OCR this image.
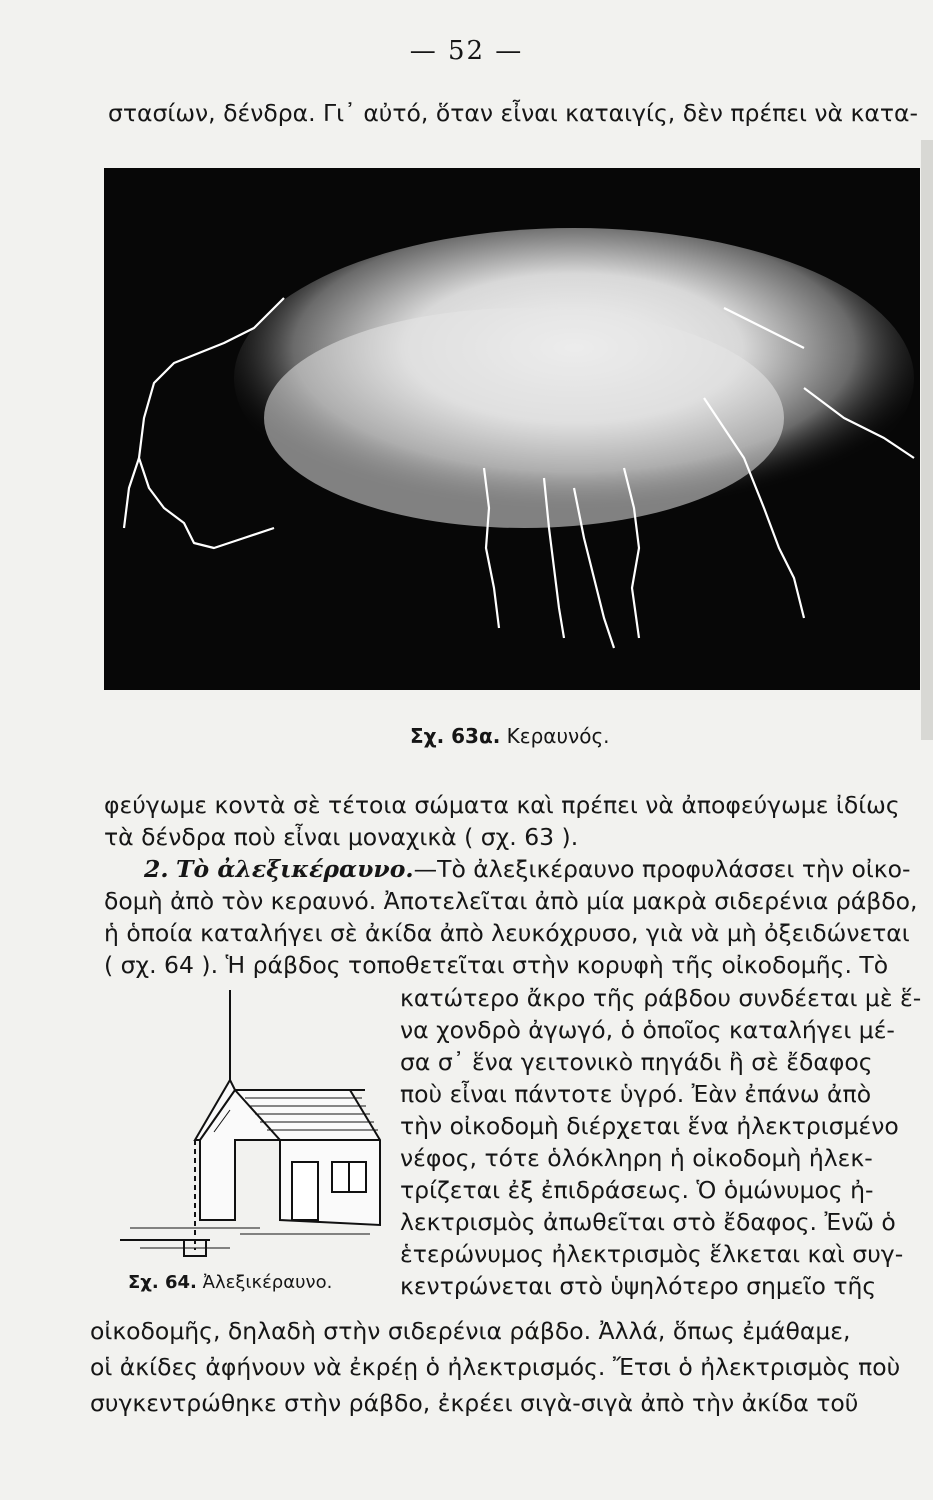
— 52 —
στασίων, δένδρα. Γι᾽ αὐτό, ὅταν εἶναι καταιγίς, δὲν πρέπει νὰ κατα-
Σχ. 63α. Κεραυνός.
φεύγωμε κοντὰ σὲ τέτοια σώματα καὶ πρέπει νὰ ἀποφεύγωμε ἰδίως
τὰ δένδρα ποὺ εἶναι μοναχικὰ ( σχ. 63 ).
2. Τὸ ἀλεξικέραυνο.—Τὸ ἀλεξικέραυνο προφυλάσσει τὴν οἰκο-
δομὴ ἀπὸ τὸν κεραυνό. Ἀποτελεῖται ἀπὸ μία μακρὰ σιδερένια ράβδο,
ἡ ὁποία καταλήγει σὲ ἀκίδα ἀπὸ λευκόχρυσο, γιὰ νὰ μὴ ὀξειδώνεται
( σχ. 64 ). Ἡ ράβδος τοποθετεῖται στὴν κορυφὴ τῆς οἰκοδομῆς. Τὸ
κατώτερο ἄκρο τῆς ράβδου συνδέεται μὲ ἕ-
να χονδρὸ ἀγωγό, ὁ ὁποῖος καταλήγει μέ-
σα σ᾽ ἕνα γειτονικὸ πηγάδι ἢ σὲ ἔδαφος
ποὺ εἶναι πάντοτε ὑγρό. Ἐὰν ἐπάνω ἀπὸ
τὴν οἰκοδομὴ διέρχεται ἕνα ἠλεκτρισμένο
νέφος, τότε ὁλόκληρη ἡ οἰκοδομὴ ἠλεκ-
τρίζεται ἐξ ἐπιδράσεως. Ὁ ὁμώνυμος ἠ-
λεκτρισμὸς ἀπωθεῖται στὸ ἔδαφος. Ἐνῶ ὁ
ἑτερώνυμος ἠλεκτρισμὸς ἕλκεται καὶ συγ-
κεντρώνεται στὸ ὑψηλότερο σημεῖο τῆς
Σχ. 64. Ἀλεξικέραυνο.
οἰκοδομῆς, δηλαδὴ στὴν σιδερένια ράβδο. Ἀλλά, ὅπως ἐμάθαμε,
οἱ ἀκίδες ἀφήνουν νὰ ἐκρέῃ ὁ ἠλεκτρισμός. Ἔτσι ὁ ἠλεκτρισμὸς ποὺ
συγκεντρώθηκε στὴν ράβδο, ἐκρέει σιγὰ-σιγὰ ἀπὸ τὴν ἀκίδα τοῦ
